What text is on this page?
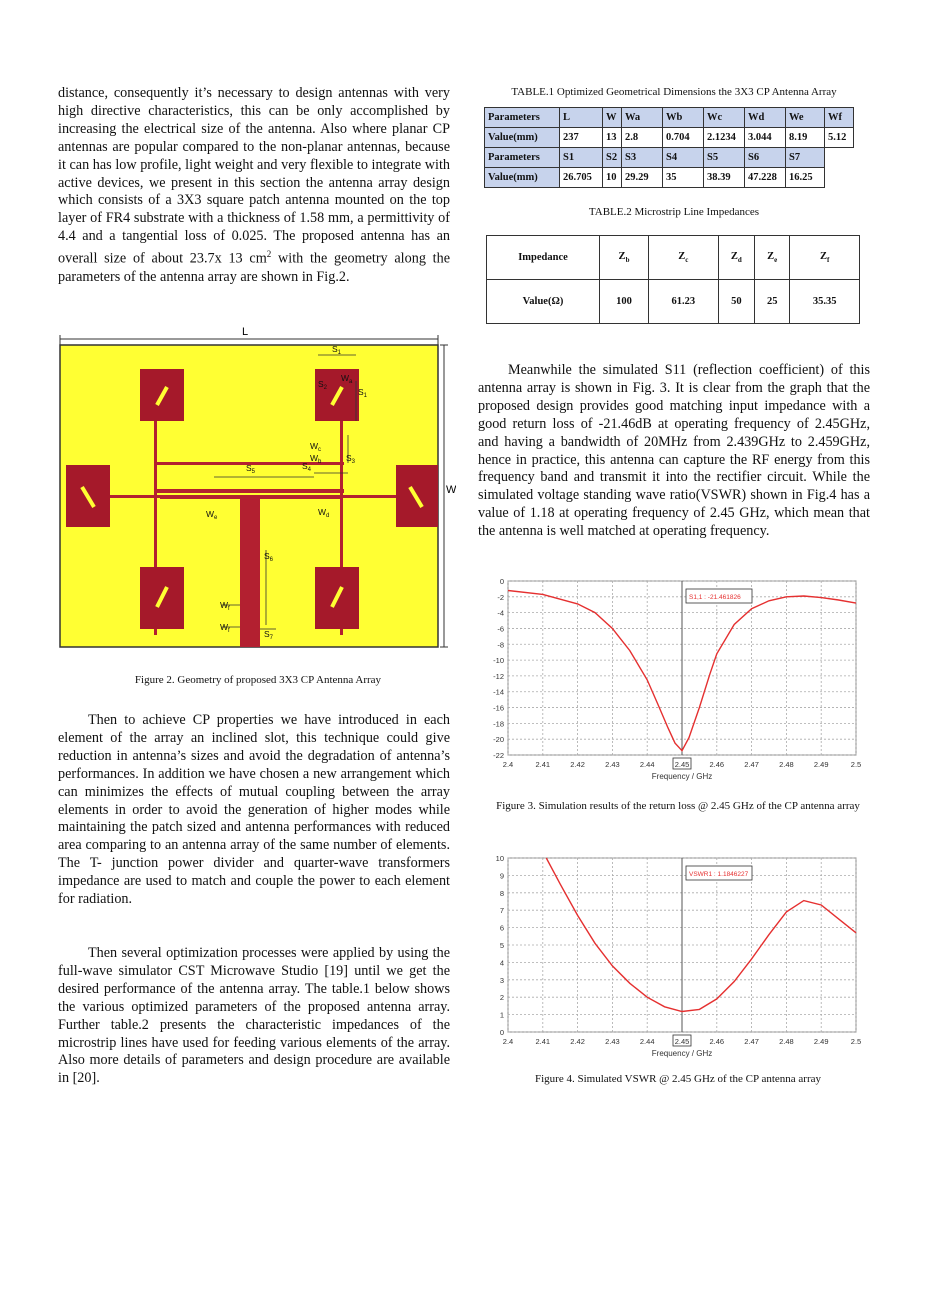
distance, consequently it’s necessary to design antennas with very high directive characteristics, this can be only accomplished by increasing the electrical size of the antenna. Also where planar CP antennas are popular compared to the non-planar antennas, because it can has low profile, light weight and very flexible to integrate with active devices, we present in this section the antenna array design which consists of a 3X3 square patch antenna mounted on the top layer of FR4 substrate with a thickness of 1.58 mm, a permittivity of 4.4 and a tangential loss of 0.025. The proposed antenna has an overall size of about 23.7x 13 $cm^2$ with the geometry along the parameters of the antenna array are shown in Fig.2.

L
W
$S_1$
$S_1$
$S_2$
$S_3$
$S_4$
$S_5$
$S_6$
$S_7$
$W_a$
$W_b$
$W_c$
$W_d$
$W_e$
$W_f$
$W_f$
Figure 2. Geometry of proposed 3X3 CP Antenna Array

Then to achieve CP properties we have introduced in each element of the array an inclined slot, this technique could give reduction in antenna’s sizes and avoid the degradation of antenna’s performances. In addition we have chosen a new arrangement which can minimizes the effects of mutual coupling between the array elements in order to avoid the generation of higher modes while maintaining the patch sized and antenna performances with reduced area comparing to an antenna array of the same number of elements. The T- junction power divider and quarter-wave transformers impedance are used to match and couple the power to each element for radiation.

Then several optimization processes were applied by using the full-wave simulator CST Microwave Studio [19] until we get the desired performance of the antenna array. The table.1 below shows the various optimized parameters of the proposed antenna array. Further table.2 presents the characteristic impedances of the microstrip lines have used for feeding various elements of the array. Also more details of parameters and design procedure are available in [20].

TABLE.1 Optimized Geometrical Dimensions the 3X3 CP Antenna Array
Parameters	L	W	Wa	Wb	Wc	Wd	We	Wf
Value(mm)	237	13	2.8	0.704	2.1234	3.044	8.19	5.12
Parameters	S1	S2	S3	S4	S5	S6	S7	
Value(mm)	26.705	10	29.29	35	38.39	47.228	16.25	
TABLE.2 Microstrip Line Impedances
Impedance	$Z_b$	$Z_c$	$Z_d$	$Z_e$	$Z_f$
Value(Ω)	100	61.23	50	25	35.35

Meanwhile the simulated S11 (reflection coefficient) of this antenna array is shown in Fig. 3. It is clear from the graph that the proposed design provides good matching input impedance with a good return loss of -21.46dB at operating frequency of 2.45GHz, and having a bandwidth of 20MHz from 2.439GHz to 2.459GHz, hence in practice, this antenna can capture the RF energy from this frequency band and transmit it into the rectifier circuit. While the simulated voltage standing wave ratio(VSWR) shown in Fig.4 has a value of 1.18 at operating frequency of 2.45 GHz, which mean that the antenna is well matched at operating frequency.

2.4	2.41	2.42	2.43	2.44	2.45	2.46	2.47	2.48	2.49	2.5
0
-2
-4
-6
-8
-10
-12
-14
-16
-18
-20
-22
Frequency / GHz
S1,1 : -21.461826
Figure 3. Simulation results of the return loss @ 2.45 GHz of the CP antenna array
2.4	2.41	2.42	2.43	2.44	2.45	2.46	2.47	2.48	2.49	2.5
0
1
2
3
4
5
6
7
8
9
10
Frequency / GHz
VSWR1 : 1.1846227
Figure 4. Simulated VSWR @ 2.45 GHz of the CP antenna array
